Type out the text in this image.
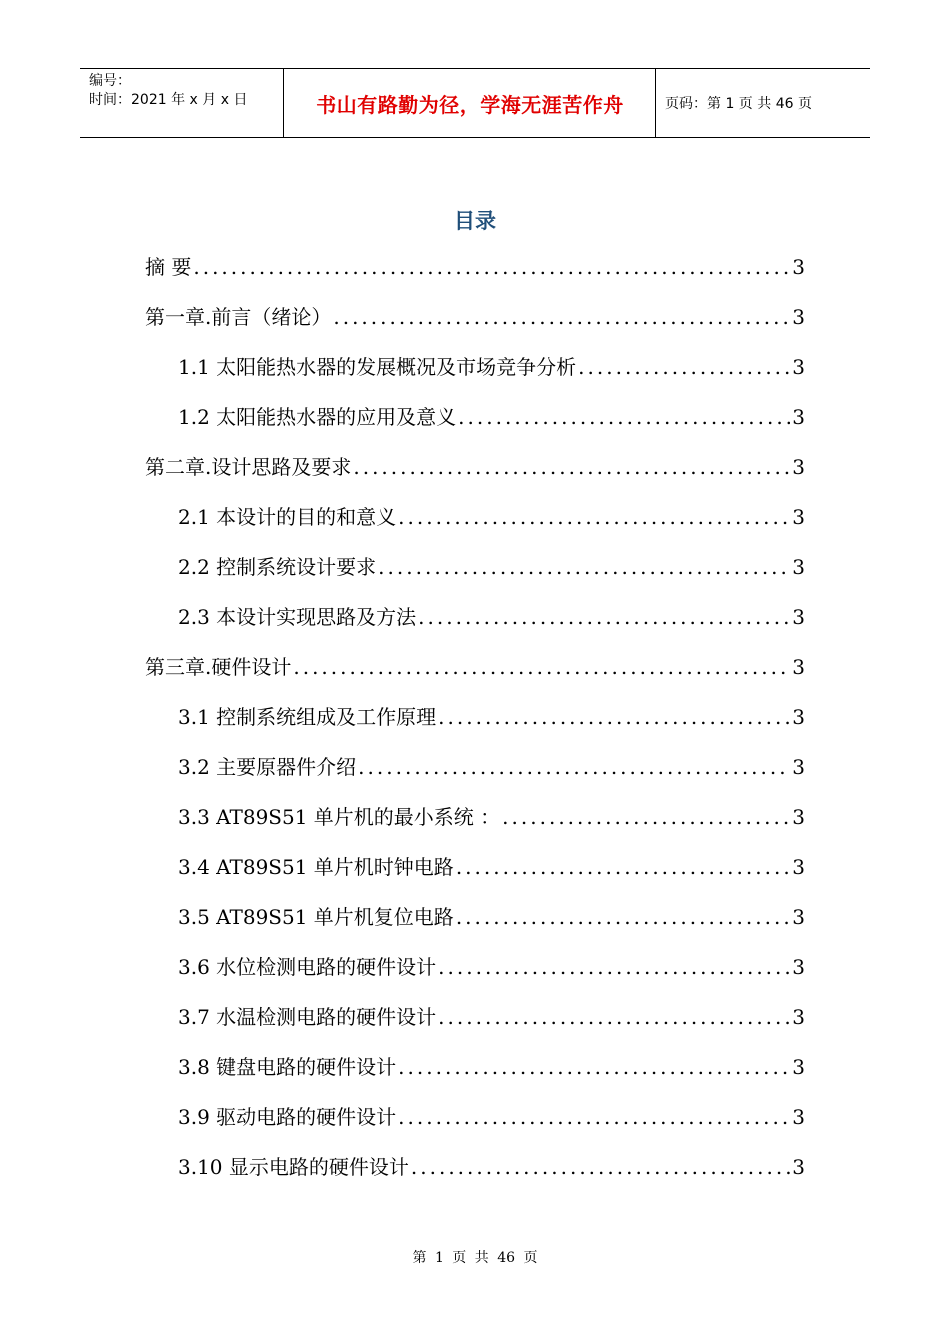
编号：
时间：2021 年 x 月 x 日	书山有路勤为径，学海无涯苦作舟	页码：第 1 页 共 46 页
目录
摘 要 .....	3
第一章.前言（绪论） .....	3
1.1 太阳能热水器的发展概况及市场竞争分析 .....	3
1.2 太阳能热水器的应用及意义 .....	3
第二章.设计思路及要求 .....	3
2.1 本设计的目的和意义 .....	3
2.2 控制系统设计要求 .....	3
2.3 本设计实现思路及方法 .....	3
第三章.硬件设计 .....	3
3.1 控制系统组成及工作原理 .....	3
3.2 主要原器件介绍 .....	3
3.3 AT89S51 单片机的最小系统 ： .....	3
3.4 AT89S51 单片机时钟电路 .....	3
3.5 AT89S51 单片机复位电路 .....	3
3.6 水位检测电路的硬件设计 .....	3
3.7 水温检测电路的硬件设计 .....	3
3.8 键盘电路的硬件设计 .....	3
3.9 驱动电路的硬件设计 .....	3
3.10 显示电路的硬件设计 .....	3
第 1 页 共 46 页
